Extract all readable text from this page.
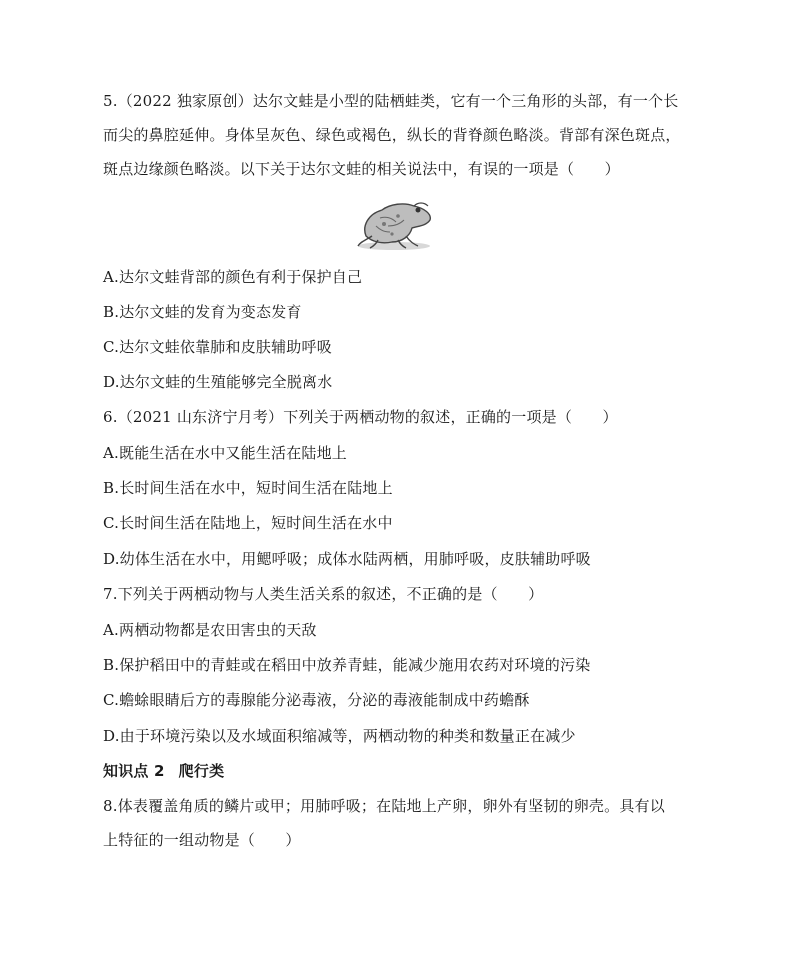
5.（2022 独家原创）达尔文蛙是小型的陆栖蛙类，它有一个三角形的头部，有一个长
而尖的鼻腔延伸。身体呈灰色、绿色或褐色，纵长的背脊颜色略淡。背部有深色斑点，
斑点边缘颜色略淡。以下关于达尔文蛙的相关说法中，有误的一项是（　　）
A.达尔文蛙背部的颜色有利于保护自己
B.达尔文蛙的发育为变态发育
C.达尔文蛙依靠肺和皮肤辅助呼吸
D.达尔文蛙的生殖能够完全脱离水
6.（2021 山东济宁月考）下列关于两栖动物的叙述，正确的一项是（　　）
A.既能生活在水中又能生活在陆地上
B.长时间生活在水中，短时间生活在陆地上
C.长时间生活在陆地上，短时间生活在水中
D.幼体生活在水中，用鳃呼吸；成体水陆两栖，用肺呼吸，皮肤辅助呼吸
7.下列关于两栖动物与人类生活关系的叙述，不正确的是（　　）
A.两栖动物都是农田害虫的天敌
B.保护稻田中的青蛙或在稻田中放养青蛙，能减少施用农药对环境的污染
C.蟾蜍眼睛后方的毒腺能分泌毒液，分泌的毒液能制成中药蟾酥
D.由于环境污染以及水域面积缩减等，两栖动物的种类和数量正在减少
知识点 2 爬行类
8.体表覆盖角质的鳞片或甲；用肺呼吸；在陆地上产卵，卵外有坚韧的卵壳。具有以
上特征的一组动物是（　　）
